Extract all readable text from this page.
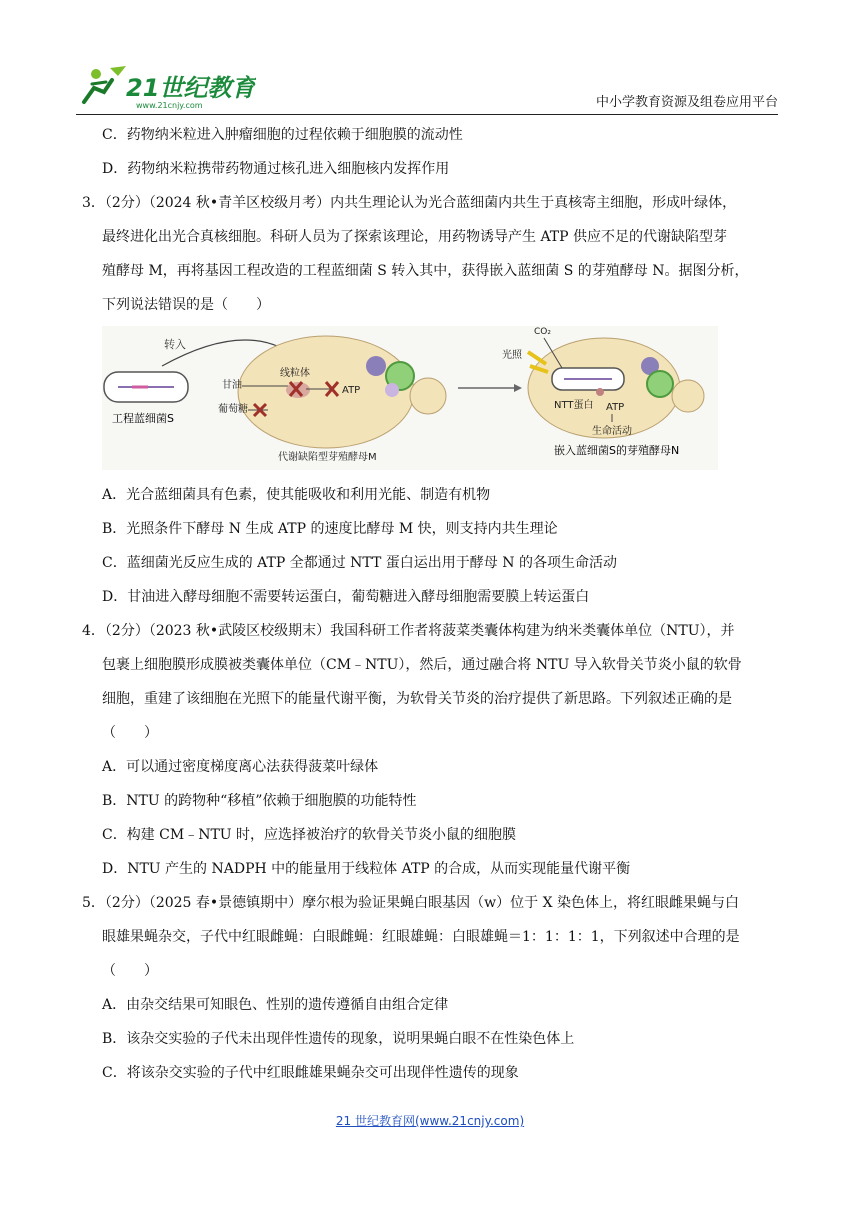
21世纪教育
www.21cnjy.com	中小学教育资源及组卷应用平台
C．药物纳米粒进入肿瘤细胞的过程依赖于细胞膜的流动性
D．药物纳米粒携带药物通过核孔进入细胞核内发挥作用
3．（2分）（2024 秋•青羊区校级月考）内共生理论认为光合蓝细菌内共生于真核寄主细胞，形成叶绿体，
最终进化出光合真核细胞。科研人员为了探索该理论，用药物诱导产生 ATP 供应不足的代谢缺陷型芽
殖酵母 M，再将基因工程改造的工程蓝细菌 S 转入其中，获得嵌入蓝细菌 S 的芽殖酵母 N。据图分析，
下列说法错误的是（　　）
工程蓝细菌S
转入
甘油
葡萄糖
线粒体
ATP
代谢缺陷型芽殖酵母M
CO₂
光照
NTT蛋白 ATP
生命活动
嵌入蓝细菌S的芽殖酵母N
A．光合蓝细菌具有色素，使其能吸收和利用光能、制造有机物
B．光照条件下酵母 N 生成 ATP 的速度比酵母 M 快，则支持内共生理论
C．蓝细菌光反应生成的 ATP 全都通过 NTT 蛋白运出用于酵母 N 的各项生命活动
D．甘油进入酵母细胞不需要转运蛋白，葡萄糖进入酵母细胞需要膜上转运蛋白
4．（2分）（2023 秋•武陵区校级期末）我国科研工作者将菠菜类囊体构建为纳米类囊体单位（NTU），并
包裹上细胞膜形成膜被类囊体单位（CM﹣NTU），然后，通过融合将 NTU 导入软骨关节炎小鼠的软骨
细胞，重建了该细胞在光照下的能量代谢平衡，为软骨关节炎的治疗提供了新思路。下列叙述正确的是
（　　）
A．可以通过密度梯度离心法获得菠菜叶绿体
B．NTU 的跨物种“移植”依赖于细胞膜的功能特性
C．构建 CM﹣NTU 时，应选择被治疗的软骨关节炎小鼠的细胞膜
D．NTU 产生的 NADPH 中的能量用于线粒体 ATP 的合成，从而实现能量代谢平衡
5．（2分）（2025 春•景德镇期中）摩尔根为验证果蝇白眼基因（w）位于 X 染色体上，将红眼雌果蝇与白
眼雄果蝇杂交，子代中红眼雌蝇：白眼雌蝇：红眼雄蝇：白眼雄蝇＝1：1：1：1，下列叙述中合理的是
（　　）
A．由杂交结果可知眼色、性别的遗传遵循自由组合定律
B．该杂交实验的子代未出现伴性遗传的现象，说明果蝇白眼不在性染色体上
C．将该杂交实验的子代中红眼雌雄果蝇杂交可出现伴性遗传的现象
21 世纪教育网(www.21cnjy.com)
